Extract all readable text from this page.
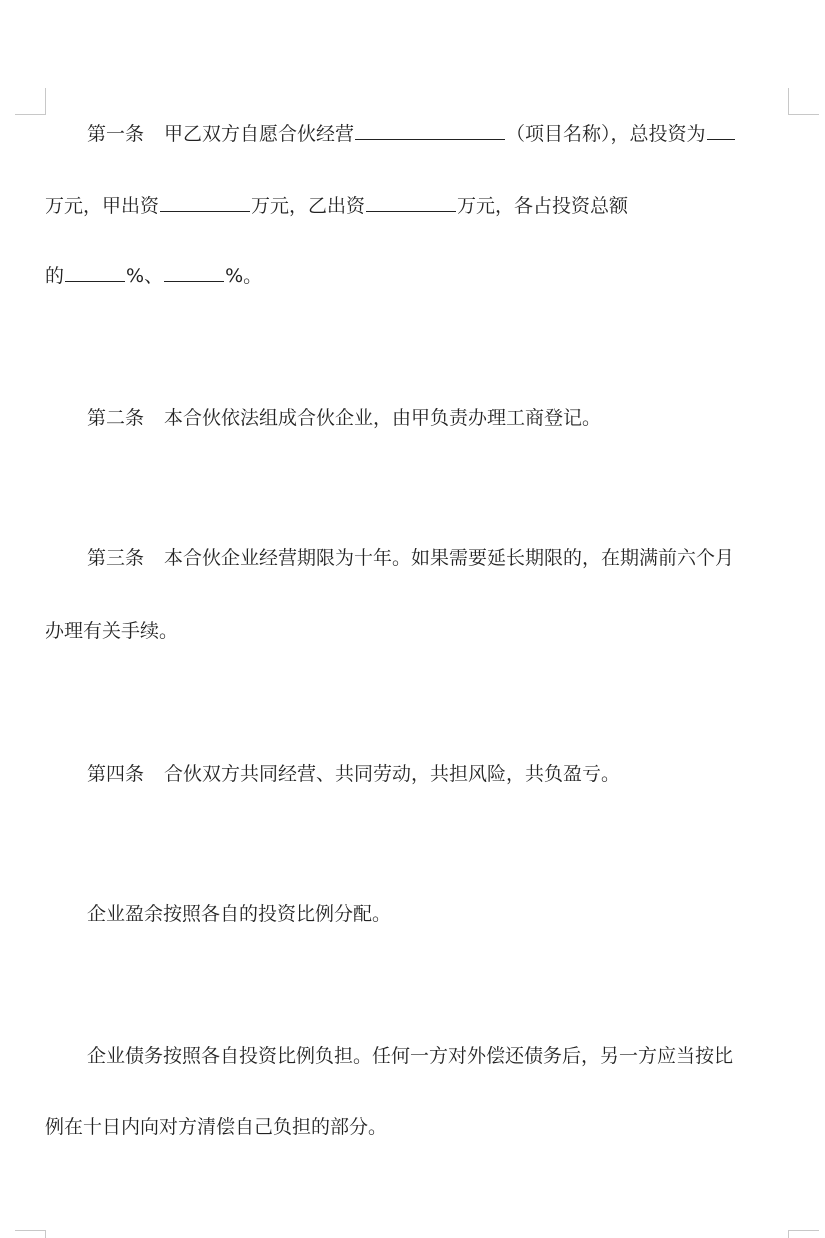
第一条 甲乙双方自愿合伙经营	（项目名称），总投资为
万元，甲出资	万元，乙出资	万元，各占投资总额
的	%、	%。
第二条 本合伙依法组成合伙企业，由甲负责办理工商登记。
第三条 本合伙企业经营期限为十年。如果需要延长期限的，在期满前六个月
办理有关手续。
第四条 合伙双方共同经营、共同劳动，共担风险，共负盈亏。
企业盈余按照各自的投资比例分配。
企业债务按照各自投资比例负担。任何一方对外偿还债务后，另一方应当按比
例在十日内向对方清偿自己负担的部分。
